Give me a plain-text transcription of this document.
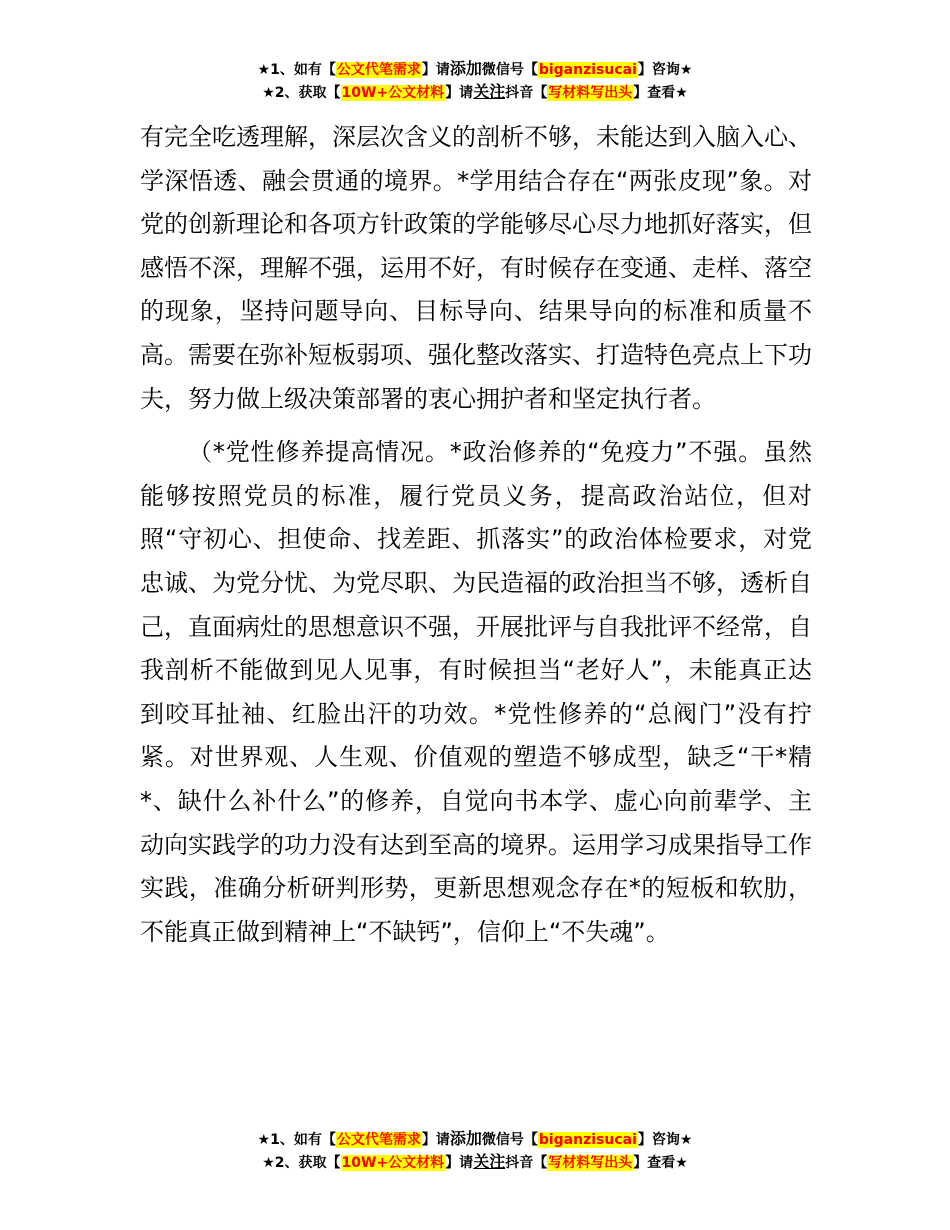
★1、如有【公文代笔需求】请添加微信号【biganzisucai】咨询★
★2、获取【10W+公文材料】请关注抖音【写材料写出头】查看★

有完全吃透理解，深层次含义的剖析不够，未能达到入脑入心、学深悟透、融会贯通的境界。*学用结合存在“两张皮现”象。对党的创新理论和各项方针政策的学能够尽心尽力地抓好落实，但感悟不深，理解不强，运用不好，有时候存在变通、走样、落空的现象，坚持问题导向、目标导向、结果导向的标准和质量不高。需要在弥补短板弱项、强化整改落实、打造特色亮点上下功夫，努力做上级决策部署的衷心拥护者和坚定执行者。

（*党性修养提高情况。*政治修养的“免疫力”不强。虽然能够按照党员的标准，履行党员义务，提高政治站位，但对照“守初心、担使命、找差距、抓落实”的政治体检要求，对党忠诚、为党分忧、为党尽职、为民造福的政治担当不够，透析自己，直面病灶的思想意识不强，开展批评与自我批评不经常，自我剖析不能做到见人见事，有时候担当“老好人”，未能真正达到咬耳扯袖、红脸出汗的功效。*党性修养的“总阀门”没有拧紧。对世界观、人生观、价值观的塑造不够成型，缺乏“干*精*、缺什么补什么”的修养，自觉向书本学、虚心向前辈学、主动向实践学的功力没有达到至高的境界。运用学习成果指导工作实践，准确分析研判形势，更新思想观念存在*的短板和软肋，不能真正做到精神上“不缺钙”，信仰上“不失魂”。

★1、如有【公文代笔需求】请添加微信号【biganzisucai】咨询★
★2、获取【10W+公文材料】请关注抖音【写材料写出头】查看★
